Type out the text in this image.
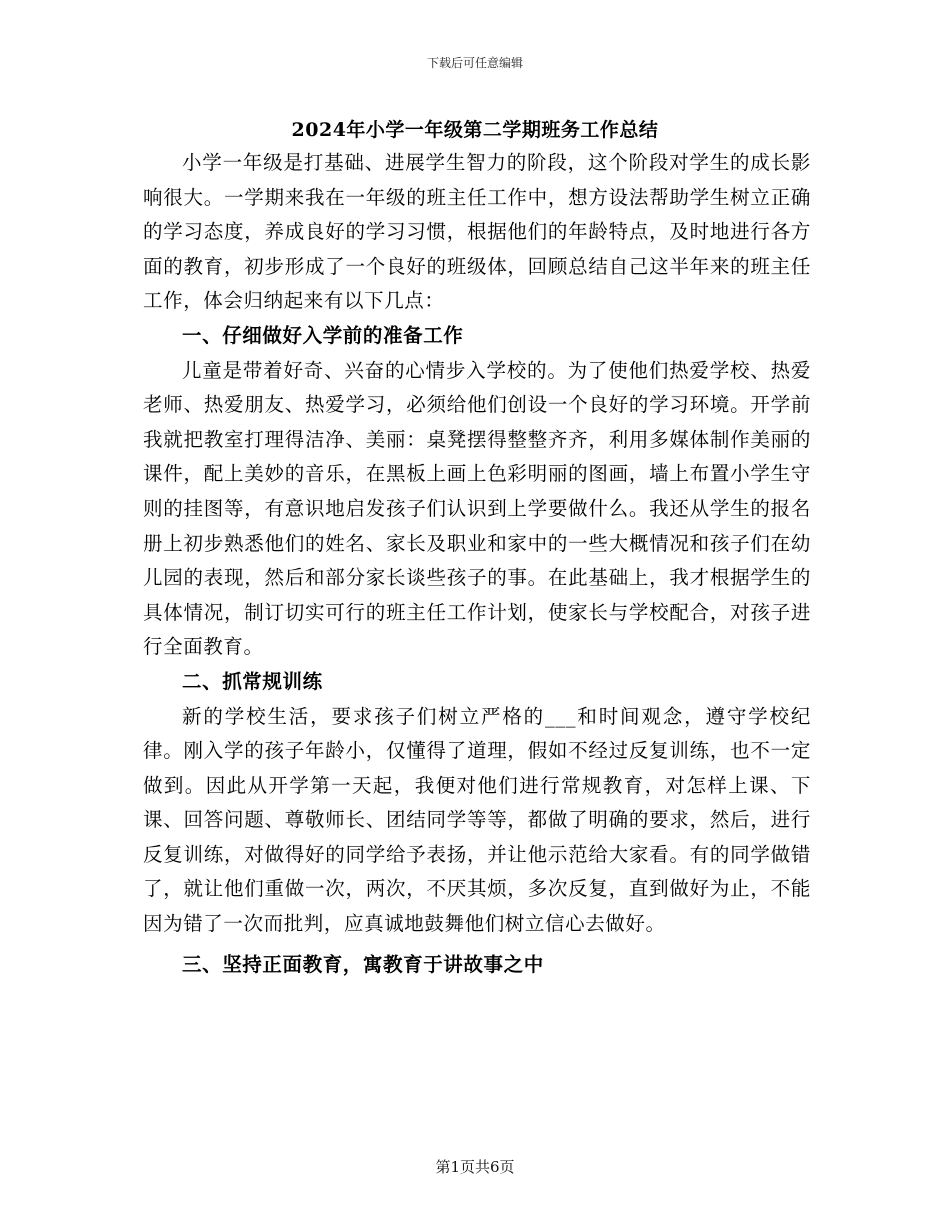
下载后可任意编辑
2024年小学一年级第二学期班务工作总结

小学一年级是打基础、进展学生智力的阶段，这个阶段对学生的成长影响很大。一学期来我在一年级的班主任工作中，想方设法帮助学生树立正确的学习态度，养成良好的学习习惯，根据他们的年龄特点，及时地进行各方面的教育，初步形成了一个良好的班级体，回顾总结自己这半年来的班主任工作，体会归纳起来有以下几点：

一、仔细做好入学前的准备工作

儿童是带着好奇、兴奋的心情步入学校的。为了使他们热爱学校、热爱老师、热爱朋友、热爱学习，必须给他们创设一个良好的学习环境。开学前我就把教室打理得洁净、美丽：桌凳摆得整整齐齐，利用多媒体制作美丽的课件，配上美妙的音乐，在黑板上画上色彩明丽的图画，墙上布置小学生守则的挂图等，有意识地启发孩子们认识到上学要做什么。我还从学生的报名册上初步熟悉他们的姓名、家长及职业和家中的一些大概情况和孩子们在幼儿园的表现，然后和部分家长谈些孩子的事。在此基础上，我才根据学生的具体情况，制订切实可行的班主任工作计划，使家长与学校配合，对孩子进行全面教育。

二、抓常规训练

新的学校生活，要求孩子们树立严格的___和时间观念，遵守学校纪律。刚入学的孩子年龄小，仅懂得了道理，假如不经过反复训练，也不一定做到。因此从开学第一天起，我便对他们进行常规教育，对怎样上课、下课、回答问题、尊敬师长、团结同学等等，都做了明确的要求，然后，进行反复训练，对做得好的同学给予表扬，并让他示范给大家看。有的同学做错了，就让他们重做一次，两次，不厌其烦，多次反复，直到做好为止，不能因为错了一次而批判，应真诚地鼓舞他们树立信心去做好。

三、坚持正面教育，寓教育于讲故事之中
第1页共6页
